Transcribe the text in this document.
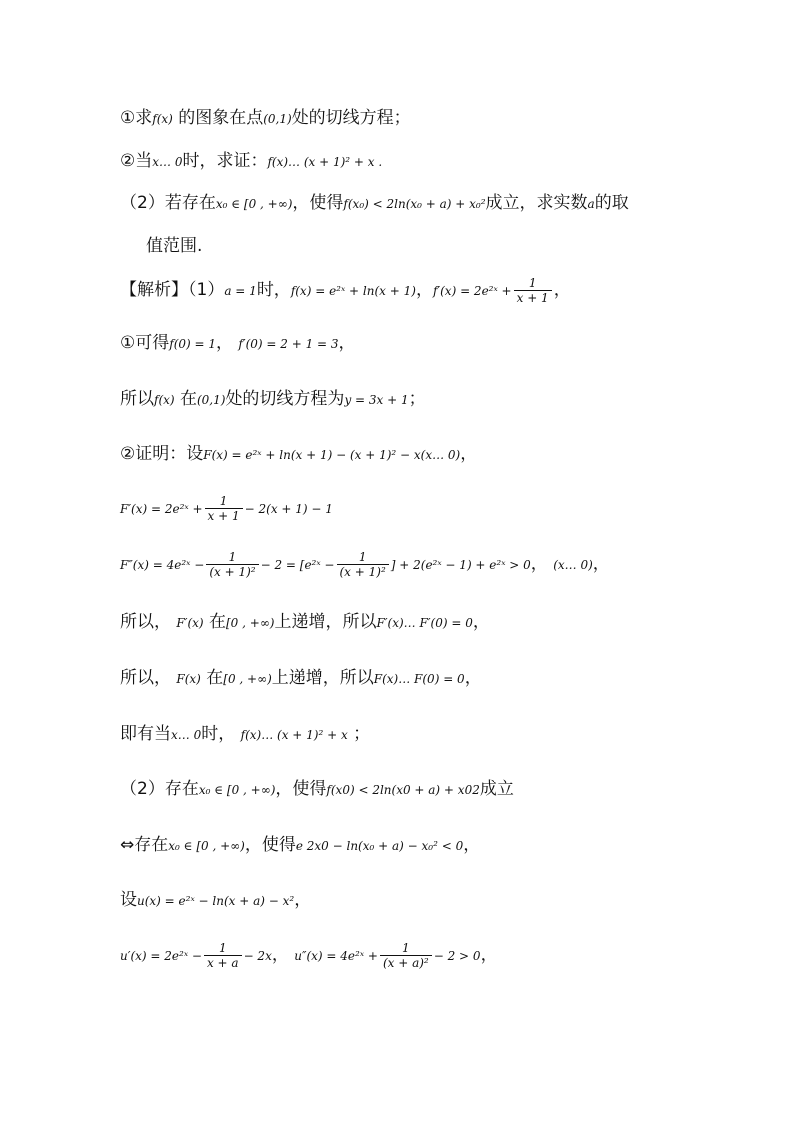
①求f(x) 的图象在点(0,1)处的切线方程；
②当x… 0时，求证：f(x)… (x + 1)² + x .
（2）若存在x₀ ∈ [0 , +∞)，使得f(x₀) < 2ln(x₀ + a) + x₀²成立，求实数a的取
值范围.
【解析】（1）a = 1时，f(x) = e²ˣ + ln(x + 1)，f′(x) = 2e²ˣ + $\frac{1}{x + 1}$ ，
①可得f(0) = 1， f′(0) = 2 + 1 = 3，
所以f(x) 在(0,1)处的切线方程为y = 3x + 1；
②证明：设F(x) = e²ˣ + ln(x + 1) − (x + 1)² − x(x… 0)，
F′(x) = 2e²ˣ + $\frac{1}{x + 1} - 2(x + 1) - 1$
F″(x) = 4e²ˣ − $\frac{1}{\text{(x + 1)²}} - 2$ = [e²ˣ − $\frac{1}{\text{(x + 1)²}}$ ] + 2(e²ˣ − 1) + e²ˣ > 0， (x… 0)，
所以， F′(x) 在[0 , +∞)上递增，所以F′(x)… F′(0) = 0，
所以， F(x) 在[0 , +∞)上递增，所以F(x)… F(0) = 0，
即有当x… 0时， f(x)… (x + 1)² + x ；
（2）存在x₀ ∈ [0 , +∞)，使得f(x0) < 2ln(x0 + a) + x02成立
⇔存在x₀ ∈ [0 , +∞)，使得e 2x0 − ln(x₀ + a) − x₀² < 0，
设u(x) = e²ˣ − ln(x + a) − x²，
u′(x) = 2e²ˣ − $\frac{1}{x + a} - 2x$， u″(x) = 4e²ˣ + $\frac{1}{\text{(x + a)²}} - 2 > 0$，
